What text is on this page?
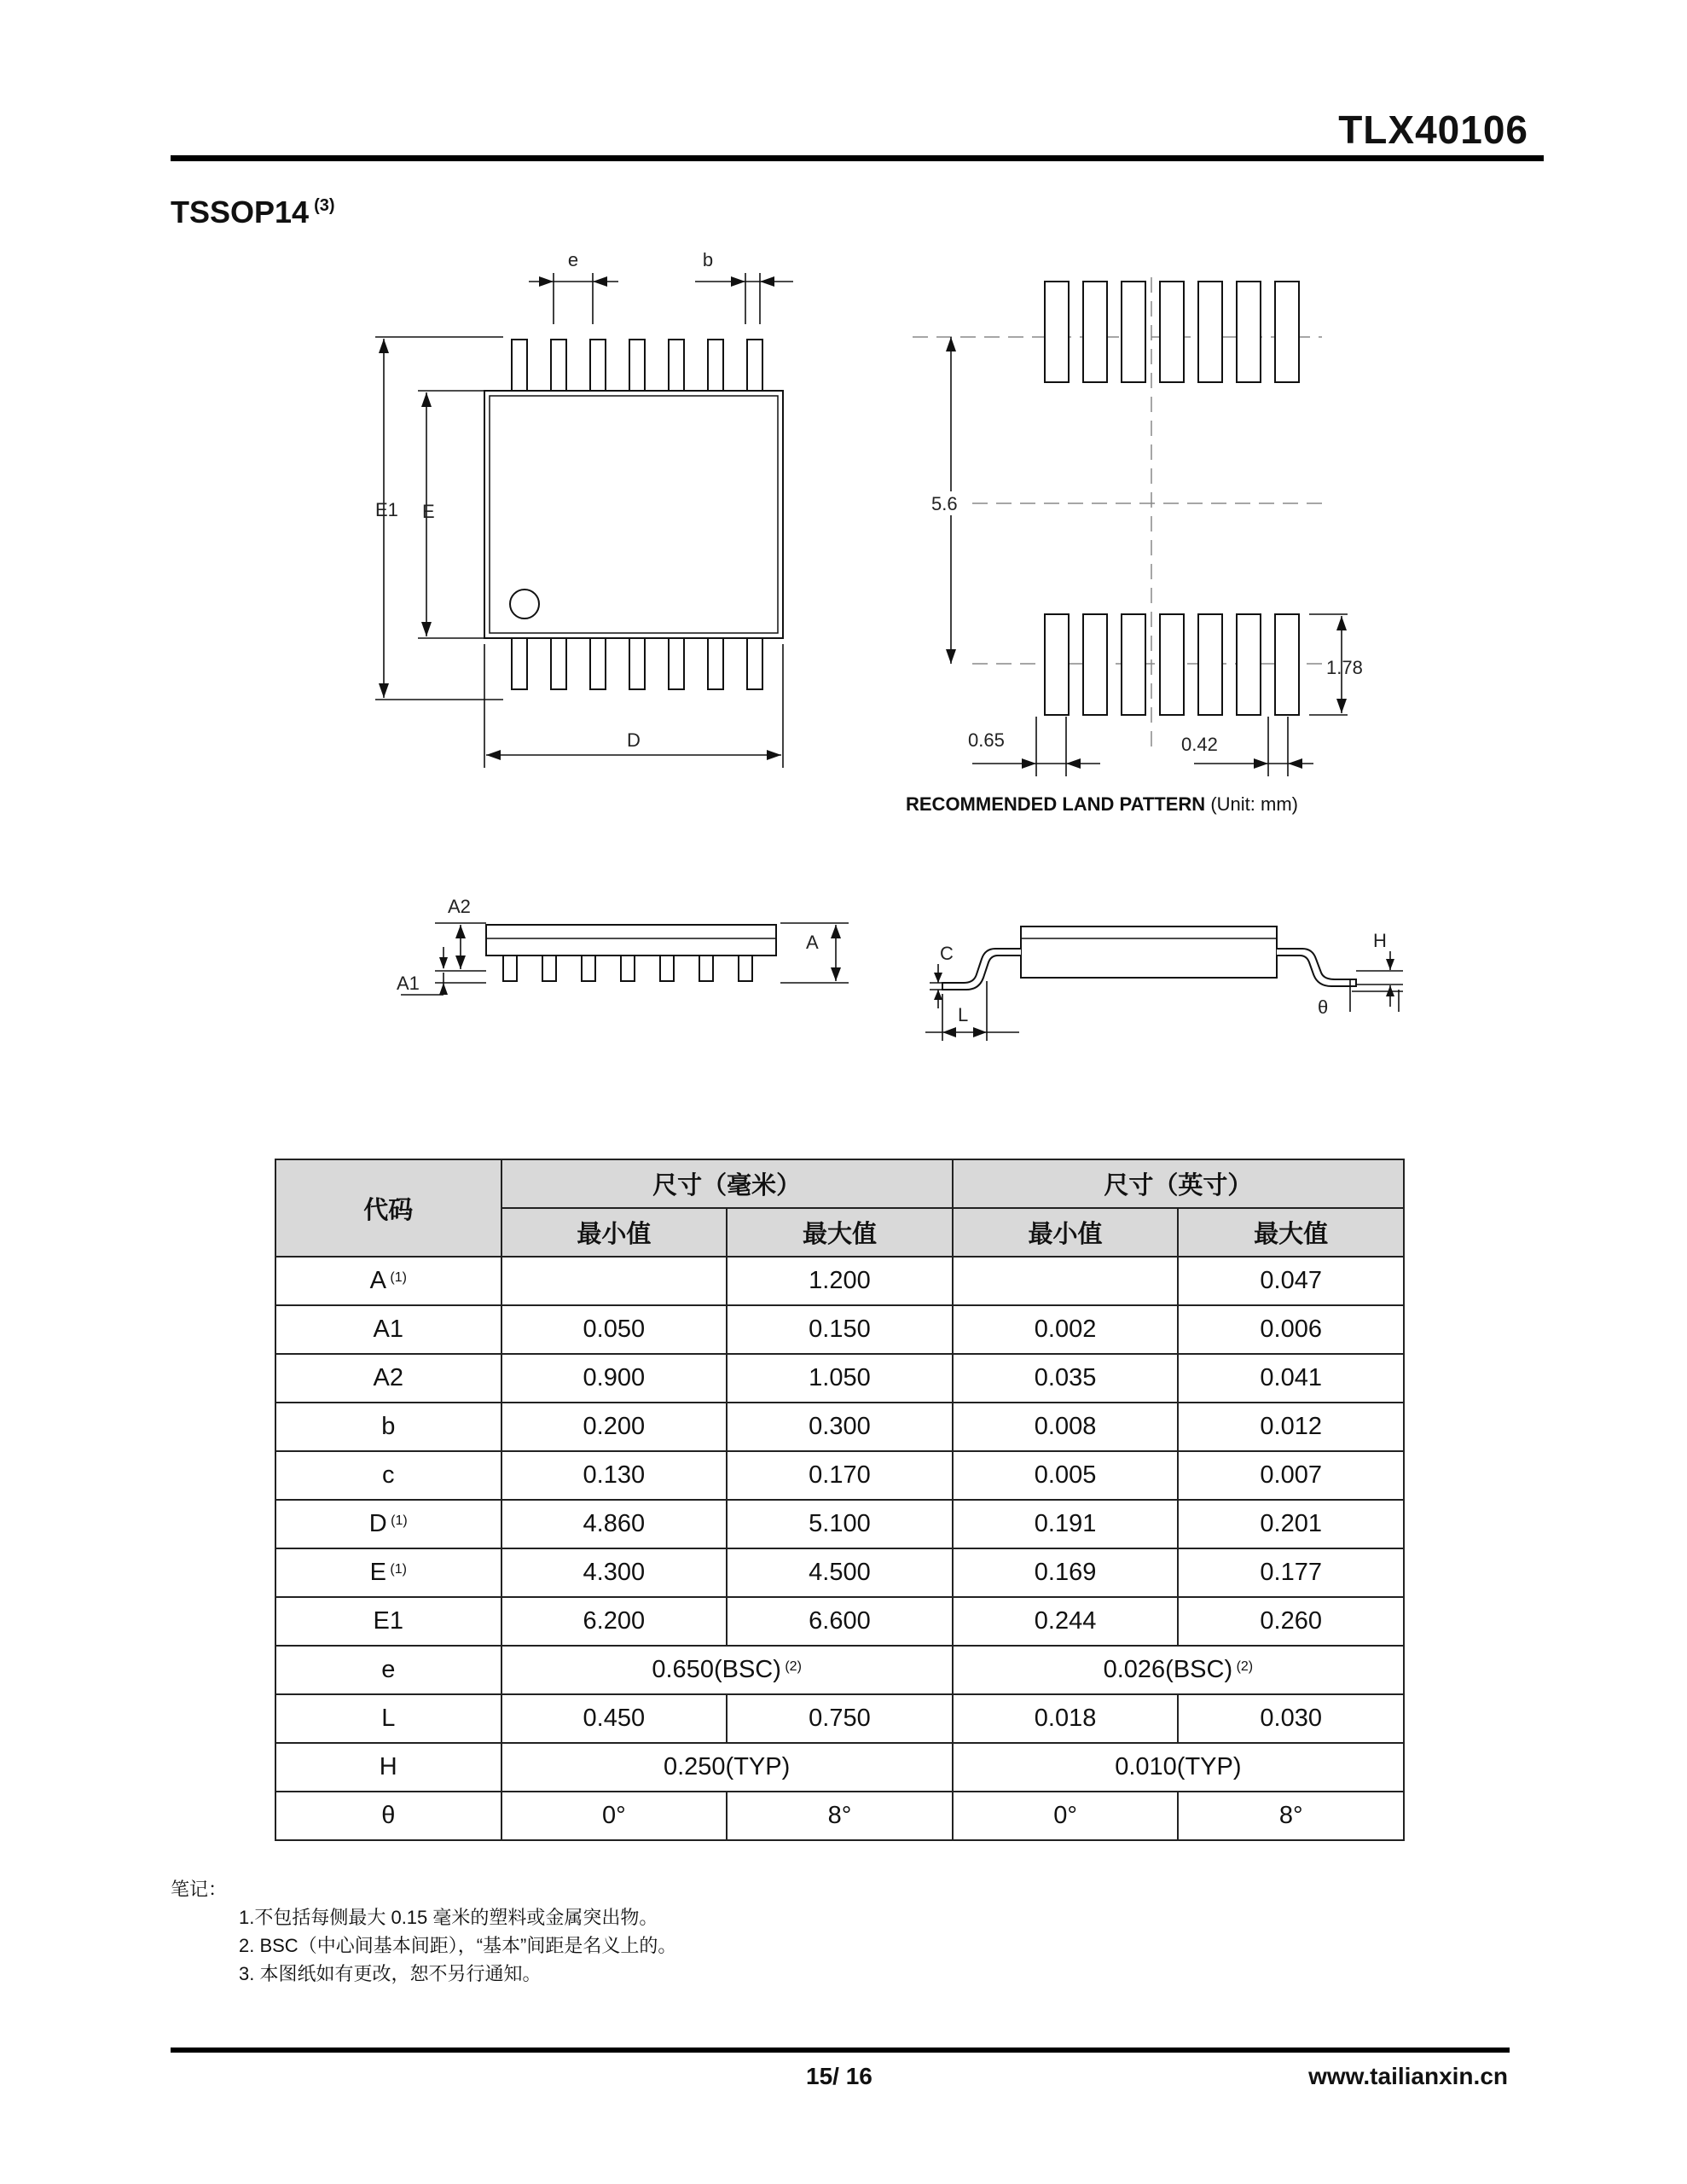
TLX40106
TSSOP14 $^{(3)}$
e	b
E1 E
D
5.6
1.78
0.65	0.42
RECOMMENDED LAND PATTERN (Unit: mm)
A2
A1
A
C
L
H
θ
代码	尺寸（毫米）		尺寸（英寸）	
	最小值	最大值	最小值	最大值
A $^{(1)}$		1.200		0.047
A1	0.050	0.150	0.002	0.006
A2	0.900	1.050	0.035	0.041
b	0.200	0.300	0.008	0.012
c	0.130	0.170	0.005	0.007
D $^{(1)}$	4.860	5.100	0.191	0.201
E $^{(1)}$	4.300	4.500	0.169	0.177
E1	6.200	6.600	0.244	0.260
e	0.650(BSC) $^{(2)}$		0.026(BSC) $^{(2)}$
L	0.450	0.750	0.018	0.030
H	0.250(TYP)		0.010(TYP)	
θ	0°	8°	0°	8°
笔记：
1.不包括每侧最大 0.15 毫米的塑料或金属突出物。
2. BSC（中心间基本间距），“基本”间距是名义上的。
3. 本图纸如有更改，恕不另行通知。
15/ 16	www.tailianxin.cn
